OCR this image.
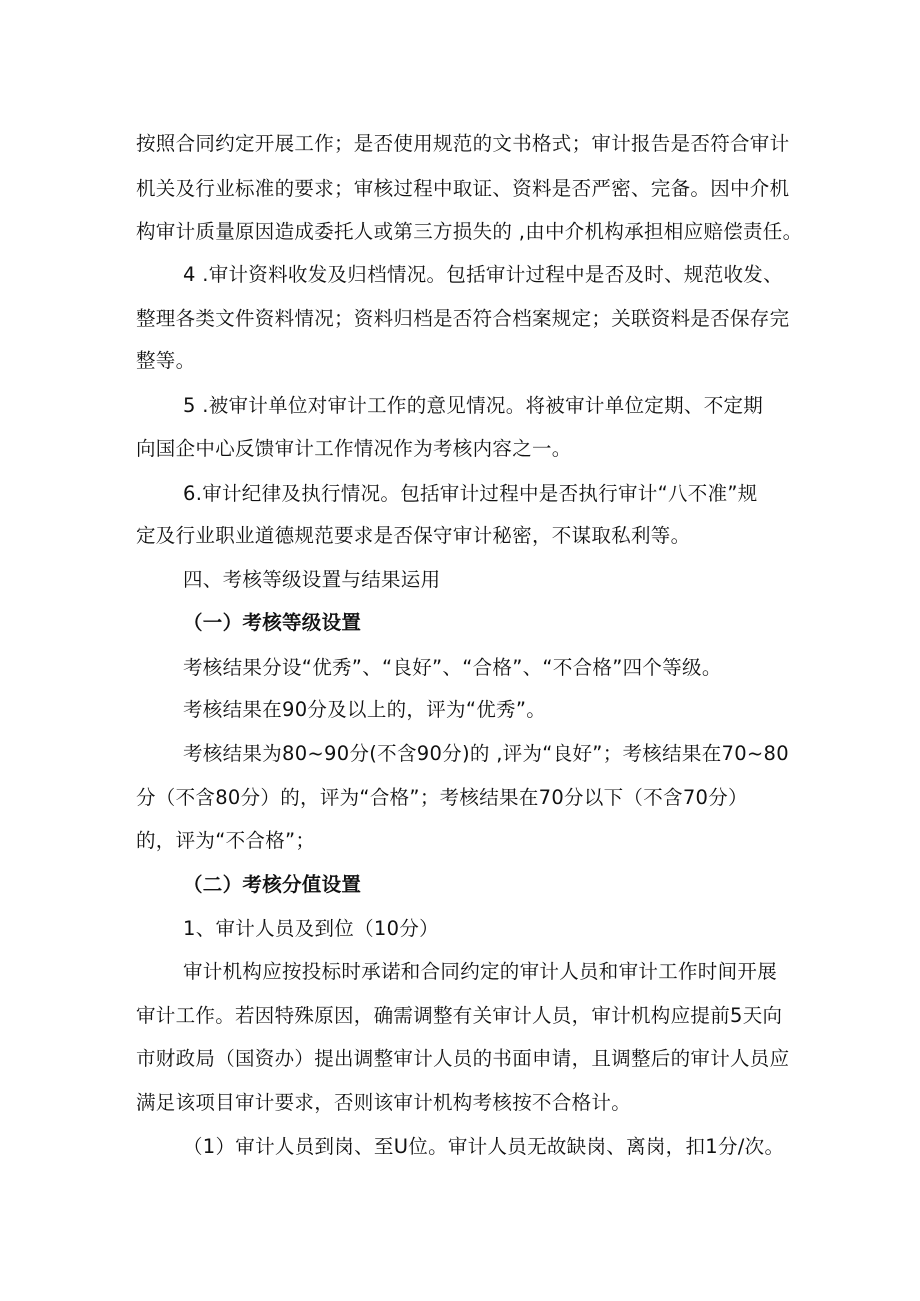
按照合同约定开展工作；是否使用规范的文书格式；审计报告是否符合审计

机关及行业标准的要求；审核过程中取证、资料是否严密、完备。因中介机

构审计质量原因造成委托人或第三方损失的 ,由中介机构承担相应赔偿责任。

4 .审计资料收发及归档情况。包括审计过程中是否及时、规范收发、

整理各类文件资料情况；资料归档是否符合档案规定；关联资料是否保存完

整等。

5 .被审计单位对审计工作的意见情况。将被审计单位定期、不定期

向国企中心反馈审计工作情况作为考核内容之一。

6.审计纪律及执行情况。包括审计过程中是否执行审计“八不准”规

定及行业职业道德规范要求是否保守审计秘密，不谋取私利等。

四、考核等级设置与结果运用

（一）考核等级设置

考核结果分设“优秀”、“良好”、“合格”、“不合格”四个等级。

考核结果在90分及以上的，评为“优秀”。

考核结果为80~90分(不含90分)的 ,评为“良好”；考核结果在70~80

分（不含80分）的，评为“合格”；考核结果在70分以下（不含70分）

的，评为“不合格”；

（二）考核分值设置

1、审计人员及到位（10分）

审计机构应按投标时承诺和合同约定的审计人员和审计工作时间开展

审计工作。若因特殊原因，确需调整有关审计人员，审计机构应提前5天向

市财政局（国资办）提出调整审计人员的书面申请，且调整后的审计人员应

满足该项目审计要求，否则该审计机构考核按不合格计。

（1）审计人员到岗、至U位。审计人员无故缺岗、离岗，扣1分/次。
